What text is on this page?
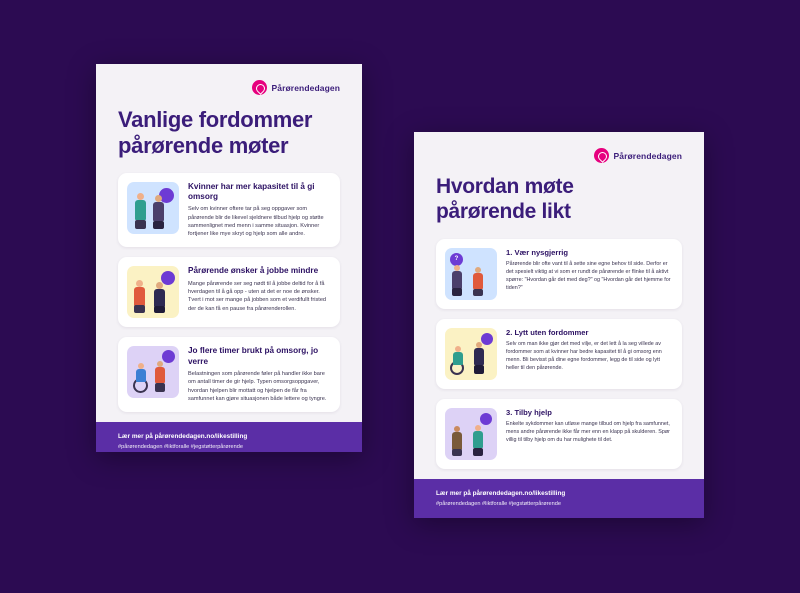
Pårørendedagen
Vanlige fordommer
pårørende møter
Kvinner har mer kapasitet til å gi omsorg
Selv om kvinner oftere tar på seg oppgaver som pårørende blir de likevel sjeldnere tilbud hjelp og støtte sammenlignet med menn i samme situasjon. Kvinner fortjener like mye skryt og hjelp som alle andre.
Pårørende ønsker å jobbe mindre
Mange pårørende ser seg nødt til å jobbe deltid for å få hverdagen til å gå opp - uten at det er noe de ønsker. Tvert i mot ser mange på jobben som et verdifullt fristed der de kan få en pause fra pårørenderollen.
Jo flere timer brukt på omsorg, jo verre
Belastningen som pårørende føler på handler ikke bare om antall timer de gir hjelp. Typen omsorgsoppgaver, hvordan hjelpen blir mottatt og hjelpen de får fra samfunnet kan gjøre situasjonen både lettere og tyngre.
Lær mer på pårørendedagen.no/likestilling
#pårørendedagen #liktforalle #jegstøtterpårørende
Pårørendedagen
Hvordan møte
pårørende likt
?
1. Vær nysgjerrig
Pårørende blir ofte vant til å sette sine egne behov til side. Derfor er det spesielt viktig at vi som er rundt de pårørende er flinke til å aktivt spørre: "Hvordan går det med deg?" og "Hvordan går det hjemme for tiden?"
2. Lytt uten fordommer
Selv om man ikke gjør det med vilje, er det lett å la seg villede av fordommer som at kvinner har bedre kapasitet til å gi omsorg enn menn. Bli bevisst på dine egne fordommer, legg de til side og lytt heller til den pårørende.
3. Tilby hjelp
Enkelte sykdommer kan utløse mange tilbud om hjelp fra samfunnet, mens andre pårørende ikke får mer enn en klapp på skulderen. Spør villig til tilby hjelp om du har mulighete til det.
Lær mer på pårørendedagen.no/likestilling
#pårørendedagen #liktforalle #jegstøtterpårørende
